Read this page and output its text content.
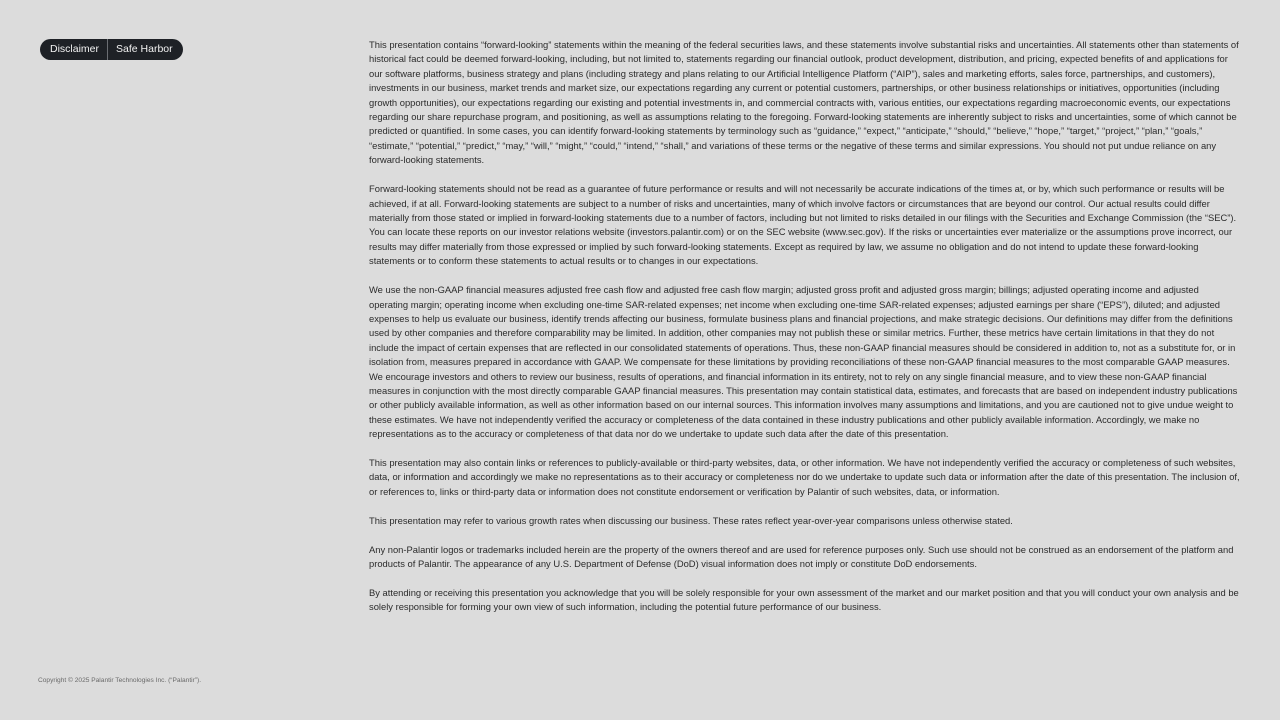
Disclaimer	Safe Harbor	This presentation contains “forward-looking” statements within the meaning of the federal securities laws, and these statements involve substantial risks and uncertainties. All statements other than statements of historical fact could be deemed forward-looking, including, but not limited to, statements regarding our financial outlook, product development, distribution, and pricing, expected benefits of and applications for our software platforms, business strategy and plans (including strategy and plans relating to our Artificial Intelligence Platform (“AIP”), sales and marketing efforts, sales force, partnerships, and customers), investments in our business, market trends and market size, our expectations regarding any current or potential customers, partnerships, or other business relationships or initiatives, opportunities (including growth opportunities), our expectations regarding our existing and potential investments in, and commercial contracts with, various entities, our expectations regarding macroeconomic events, our expectations regarding our share repurchase program, and positioning, as well as assumptions relating to the foregoing. Forward-looking statements are inherently subject to risks and uncertainties, some of which cannot be predicted or quantified. In some cases, you can identify forward-looking statements by terminology such as “guidance,” “expect,” “anticipate,” “should,” “believe,” “hope,” “target,” “project,” “plan,” “goals,” “estimate,” “potential,” “predict,” “may,” “will,” “might,” “could,” “intend,” “shall,” and variations of these terms or the negative of these terms and similar expressions. You should not put undue reliance on any forward-looking statements.

Forward-looking statements should not be read as a guarantee of future performance or results and will not necessarily be accurate indications of the times at, or by, which such performance or results will be achieved, if at all. Forward-looking statements are subject to a number of risks and uncertainties, many of which involve factors or circumstances that are beyond our control. Our actual results could differ materially from those stated or implied in forward-looking statements due to a number of factors, including but not limited to risks detailed in our filings with the Securities and Exchange Commission (the “SEC”). You can locate these reports on our investor relations website (investors.palantir.com) or on the SEC website (www.sec.gov). If the risks or uncertainties ever materialize or the assumptions prove incorrect, our results may differ materially from those expressed or implied by such forward-looking statements. Except as required by law, we assume no obligation and do not intend to update these forward-looking statements or to conform these statements to actual results or to changes in our expectations.

We use the non-GAAP financial measures adjusted free cash flow and adjusted free cash flow margin; adjusted gross profit and adjusted gross margin; billings; adjusted operating income and adjusted operating margin; operating income when excluding one-time SAR-related expenses; net income when excluding one-time SAR-related expenses; adjusted earnings per share (“EPS”), diluted; and adjusted expenses to help us evaluate our business, identify trends affecting our business, formulate business plans and financial projections, and make strategic decisions. Our definitions may differ from the definitions used by other companies and therefore comparability may be limited. In addition, other companies may not publish these or similar metrics. Further, these metrics have certain limitations in that they do not include the impact of certain expenses that are reflected in our consolidated statements of operations. Thus, these non-GAAP financial measures should be considered in addition to, not as a substitute for, or in isolation from, measures prepared in accordance with GAAP. We compensate for these limitations by providing reconciliations of these non-GAAP financial measures to the most comparable GAAP measures. We encourage investors and others to review our business, results of operations, and financial information in its entirety, not to rely on any single financial measure, and to view these non-GAAP financial measures in conjunction with the most directly comparable GAAP financial measures. This presentation may contain statistical data, estimates, and forecasts that are based on independent industry publications or other publicly available information, as well as other information based on our internal sources. This information involves many assumptions and limitations, and you are cautioned not to give undue weight to these estimates. We have not independently verified the accuracy or completeness of the data contained in these industry publications and other publicly available information. Accordingly, we make no representations as to the accuracy or completeness of that data nor do we undertake to update such data after the date of this presentation.

This presentation may also contain links or references to publicly-available or third-party websites, data, or other information. We have not independently verified the accuracy or completeness of such websites, data, or information and accordingly we make no representations as to their accuracy or completeness nor do we undertake to update such data or information after the date of this presentation. The inclusion of, or references to, links or third-party data or information does not constitute endorsement or verification by Palantir of such websites, data, or information.

This presentation may refer to various growth rates when discussing our business. These rates reflect year-over-year comparisons unless otherwise stated.

Any non-Palantir logos or trademarks included herein are the property of the owners thereof and are used for reference purposes only. Such use should not be construed as an endorsement of the platform and products of Palantir. The appearance of any U.S. Department of Defense (DoD) visual information does not imply or constitute DoD endorsements.

By attending or receiving this presentation you acknowledge that you will be solely responsible for your own assessment of the market and our market position and that you will conduct your own analysis and be solely responsible for forming your own view of such information, including the potential future performance of our business.

Copyright © 2025 Palantir Technologies Inc. (“Palantir”).
